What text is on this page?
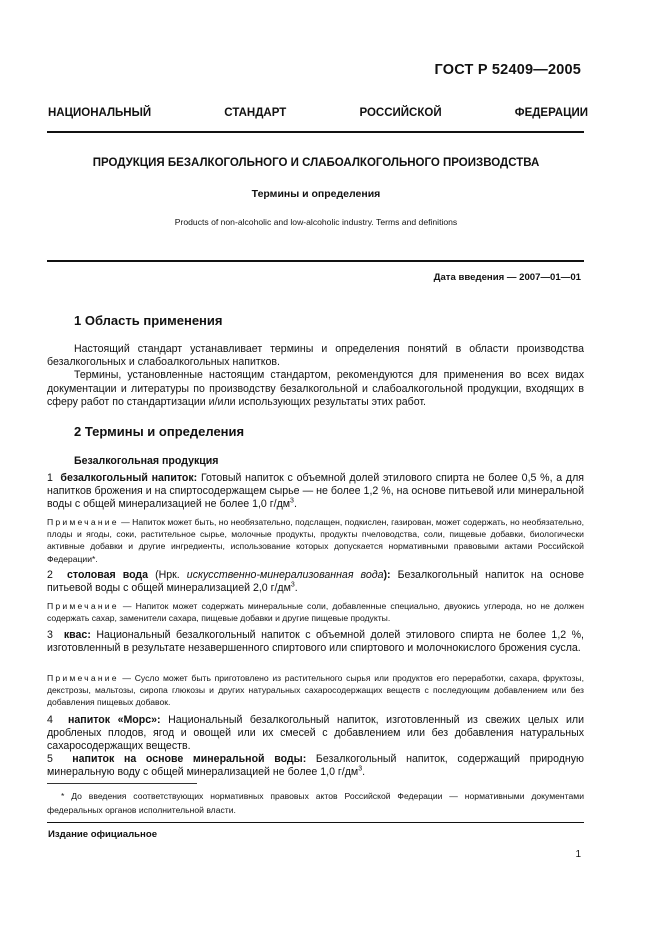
ГОСТ Р 52409—2005
НАЦИОНАЛЬНЫЙ СТАНДАРТ РОССИЙСКОЙ ФЕДЕРАЦИИ
ПРОДУКЦИЯ БЕЗАЛКОГОЛЬНОГО И СЛАБОАЛКОГОЛЬНОГО ПРОИЗВОДСТВА
Термины и определения
Products of non-alcoholic and low-alcoholic industry. Terms and definitions
Дата введения — 2007—01—01
1 Область применения

Настоящий стандарт устанавливает термины и определения понятий в области производства безалкогольных и слабоалкогольных напитков.

Термины, установленные настоящим стандартом, рекомендуются для применения во всех видах документации и литературы по производству безалкогольной и слабоалкогольной продукции, входящих в сферу работ по стандартизации и/или использующих результаты этих работ.

2 Термины и определения
Безалкогольная продукция

1 безалкогольный напиток: Готовый напиток с объемной долей этилового спирта не более 0,5 %, а для напитков брожения и на спиртосодержащем сырье — не более 1,2 %, на основе питьевой или минеральной воды с общей минерализацией не более 1,0 $г/дм^3$.

Примечание — Напиток может быть, но необязательно, подслащен, подкислен, газирован, может содержать, но необязательно, плоды и ягоды, соки, растительное сырье, молочные продукты, продукты пчеловодства, соли, пищевые добавки, биологически активные добавки и другие ингредиенты, использование которых допускается нормативными правовыми актами Российской Федерации*.

2 столовая вода (Нрк. искусственно-минерализованная вода): Безалкогольный напиток на основе питьевой воды с общей минерализацией 2,0 $г/дм^3$.

Примечание — Напиток может содержать минеральные соли, добавленные специально, двуокись углерода, но не должен содержать сахар, заменители сахара, пищевые добавки и другие пищевые продукты.

3 квас: Национальный безалкогольный напиток с объемной долей этилового спирта не более 1,2 %, изготовленный в результате незавершенного спиртового или спиртового и молочнокислого брожения сусла.

Примечание — Сусло может быть приготовлено из растительного сырья или продуктов его переработки, сахара, фруктозы, декстрозы, мальтозы, сиропа глюкозы и других натуральных сахаросодержащих веществ с последующим добавлением или без добавления пищевых добавок.

4 напиток «Морс»: Национальный безалкогольный напиток, изготовленный из свежих целых или дробленых плодов, ягод и овощей или их смесей с добавлением или без добавления натуральных сахаросодержащих веществ.

5 напиток на основе минеральной воды: Безалкогольный напиток, содержащий природную минеральную воду с общей минерализацией не более 1,0 $г/дм^3$.

* До введения соответствующих нормативных правовых актов Российской Федерации — нормативными документами федеральных органов исполнительной власти.

Издание официальное
1
